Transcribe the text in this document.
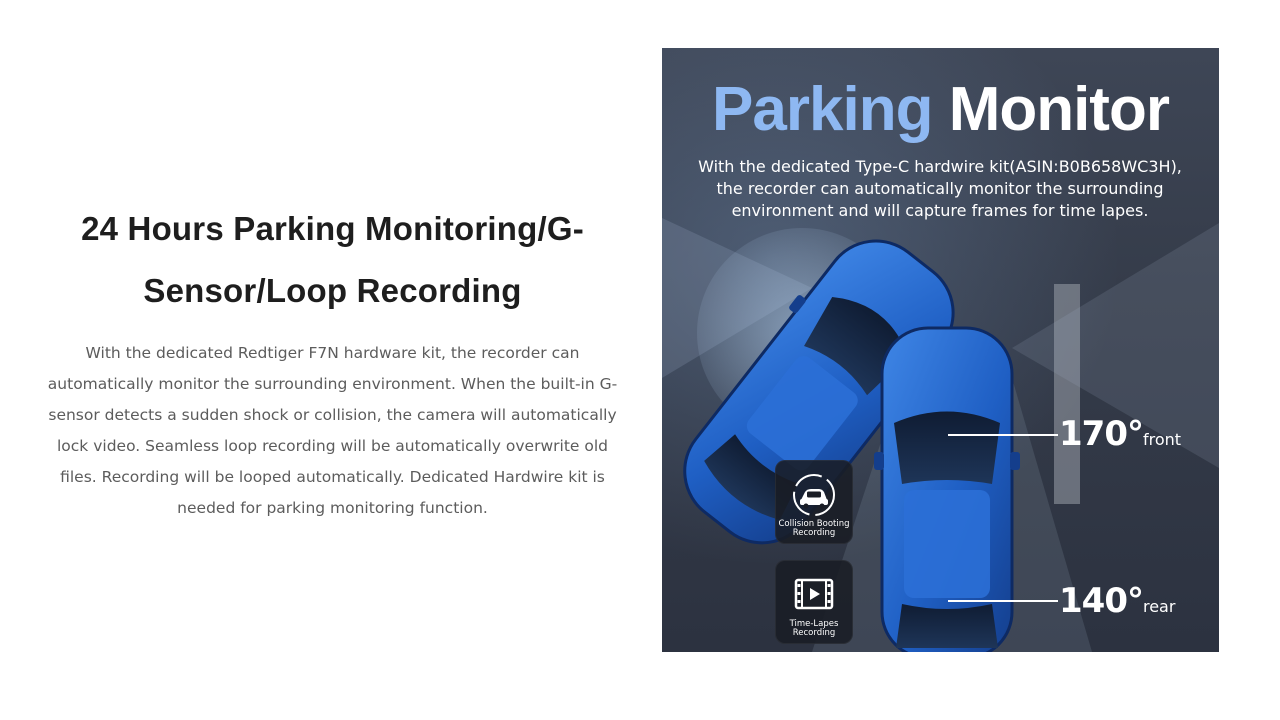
24 Hours Parking Monitoring/G-Sensor/Loop Recording

With the dedicated Redtiger F7N hardware kit, the recorder can automatically monitor the surrounding environment. When the built-in G-sensor detects a sudden shock or collision, the camera will automatically lock video. Seamless loop recording will be automatically overwrite old files. Recording will be looped automatically. Dedicated Hardwire kit is needed for parking monitoring function.

Parking Monitor

With the dedicated Type-C hardwire kit(ASIN:B0B658WC3H), the recorder can automatically monitor the surrounding environment and will capture frames for time lapes.

170°front
140°rear

Collision Booting Recording

Time-Lapes Recording
